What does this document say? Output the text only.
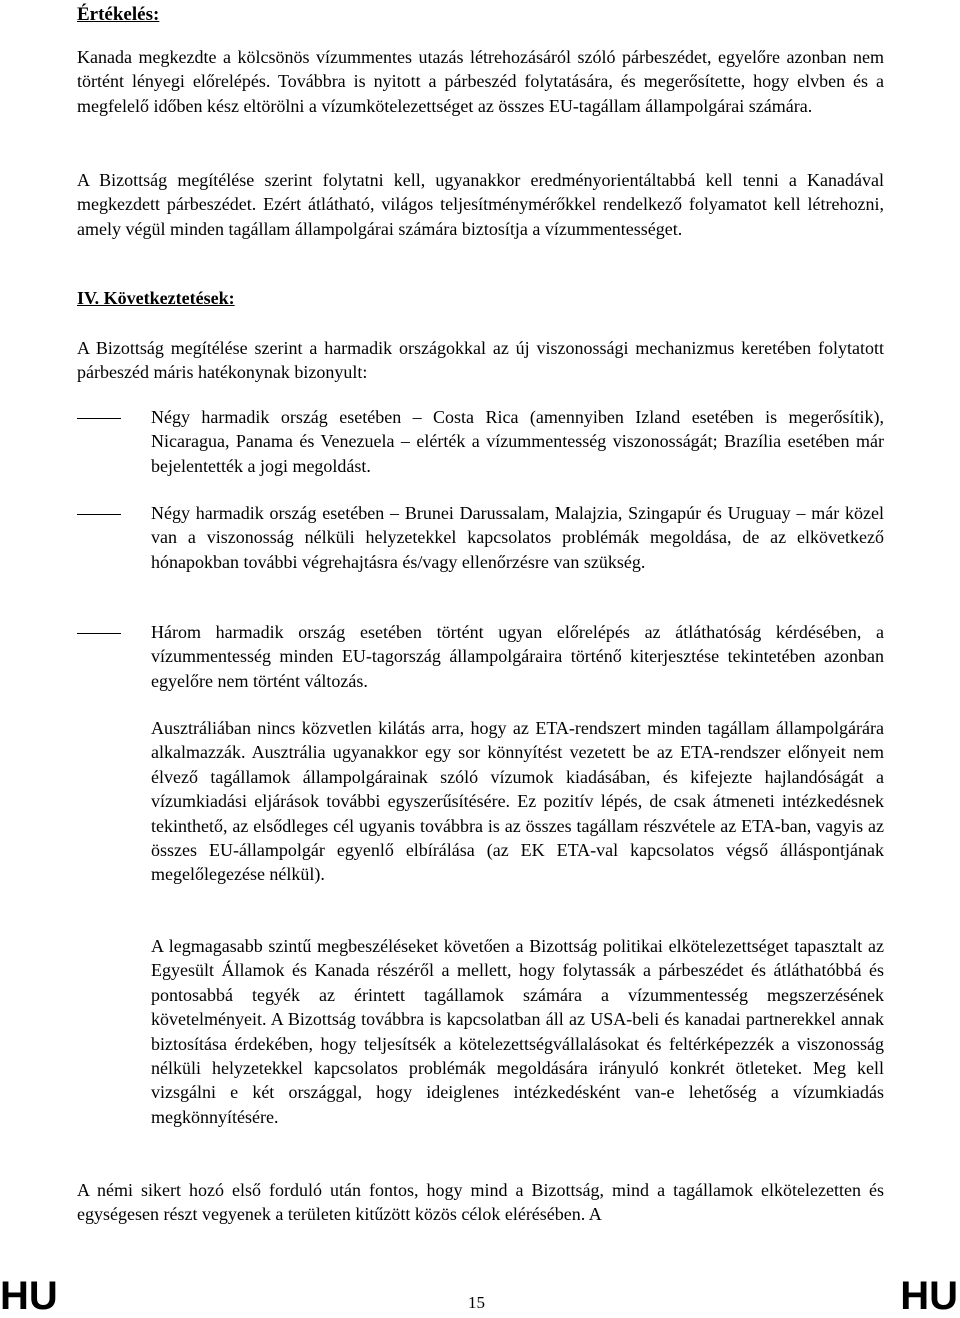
Értékelés:
Kanada megkezdte a kölcsönös vízummentes utazás létrehozásáról szóló párbeszédet, egyelőre azonban nem történt lényegi előrelépés. Továbbra is nyitott a párbeszéd folytatására, és megerősítette, hogy elvben és a megfelelő időben kész eltörölni a vízumkötelezettséget az összes EU-tagállam állampolgárai számára.
A Bizottság megítélése szerint folytatni kell, ugyanakkor eredményorientáltabbá kell tenni a Kanadával megkezdett párbeszédet. Ezért átlátható, világos teljesítménymérőkkel rendelkező folyamatot kell létrehozni, amely végül minden tagállam állampolgárai számára biztosítja a vízummentességet.
IV. Következtetések:
A Bizottság megítélése szerint a harmadik országokkal az új viszonossági mechanizmus keretében folytatott párbeszéd máris hatékonynak bizonyult:
Négy harmadik ország esetében – Costa Rica (amennyiben Izland esetében is megerősítik), Nicaragua, Panama és Venezuela – elérték a vízummentesség viszonosságát; Brazília esetében már bejelentették a jogi megoldást.
Négy harmadik ország esetében – Brunei Darussalam, Malajzia, Szingapúr és Uruguay – már közel van a viszonosság nélküli helyzetekkel kapcsolatos problémák megoldása, de az elkövetkező hónapokban további végrehajtásra és/vagy ellenőrzésre van szükség.
Három harmadik ország esetében történt ugyan előrelépés az átláthatóság kérdésében, a vízummentesség minden EU-tagország állampolgáraira történő kiterjesztése tekintetében azonban egyelőre nem történt változás.
Ausztráliában nincs közvetlen kilátás arra, hogy az ETA-rendszert minden tagállam állampolgárára alkalmazzák. Ausztrália ugyanakkor egy sor könnyítést vezetett be az ETA-rendszer előnyeit nem élvező tagállamok állampolgárainak szóló vízumok kiadásában, és kifejezte hajlandóságát a vízumkiadási eljárások további egyszerűsítésére. Ez pozitív lépés, de csak átmeneti intézkedésnek tekinthető, az elsődleges cél ugyanis továbbra is az összes tagállam részvétele az ETA-ban, vagyis az összes EU-állampolgár egyenlő elbírálása (az EK ETA-val kapcsolatos végső álláspontjának megelőlegezése nélkül).
A legmagasabb szintű megbeszéléseket követően a Bizottság politikai elkötelezettséget tapasztalt az Egyesült Államok és Kanada részéről a mellett, hogy folytassák a párbeszédet és átláthatóbbá és pontosabbá tegyék az érintett tagállamok számára a vízummentesség megszerzésének követelményeit. A Bizottság továbbra is kapcsolatban áll az USA-beli és kanadai partnerekkel annak biztosítása érdekében, hogy teljesítsék a kötelezettségvállalásokat és feltérképezzék a viszonosság nélküli helyzetekkel kapcsolatos problémák megoldására irányuló konkrét ötleteket. Meg kell vizsgálni e két országgal, hogy ideiglenes intézkedésként van-e lehetőség a vízumkiadás megkönnyítésére.
A némi sikert hozó első forduló után fontos, hogy mind a Bizottság, mind a tagállamok elkötelezetten és egységesen részt vegyenek a területen kitűzött közös célok elérésében. A
HU	15	HU
